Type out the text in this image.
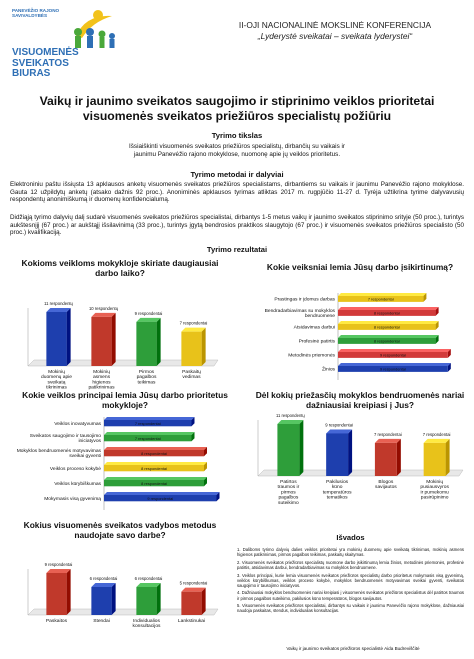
PANEVĖŽIO RAJONO SAVIVALDYBĖS
VISUOMENĖS
SVEIKATOS
BIURAS
II-OJI NACIONALINĖ MOKSLINĖ KONFERENCIJA
„Lyderystė sveikatai – sveikata lyderystei“
Vaikų ir jaunimo sveikatos saugojimo ir stiprinimo veiklos prioritetai
visuomenės sveikatos priežiūros specialistų požiūriu
Tyrimo tikslas
Išsiaiškinti visuomenės sveikatos priežiūros specialistų, dirbančių su vaikais ir jaunimu Panevėžio rajono mokyklose, nuomonę apie jų veiklos prioritetus.
Tyrimo metodai ir dalyviai
Elektroniniu paštu išsiųsta 13 apklausos anketų visuomenės sveikatos priežiūros specialistams, dirbantiems su vaikais ir jaunimu Panevėžio rajono mokyklose. Gauta 12 užpildytų anketų (atsako dažnis 92 proc.). Anoniminės apklausos tyrimas atliktas 2017 m. rugpjūčio 11-27 d. Tyrėja užtikrina tyrime dalyvavusių respondentų anonimiškumą ir duomenų konfidencialumą.
Didžiąją tyrimo dalyvių dalį sudarė visuomenės sveikatos priežiūros specialistai, dirbantys 1-5 metus vaikų ir jaunimo sveikatos stiprinimo srityje (50 proc.), turintys aukštesnįjį (67 proc.) ar aukštąjį išsilavinimą (33 proc.), turintys įgytą bendrosios praktikos slaugytojo (67 proc.) ir visuomenės sveikatos priežiūros specialisto (50 proc.) kvalifikaciją.
Tyrimo rezultatai
Kokioms veikloms mokykloje skiriate daugiausiai darbo laiko?
11 respondentų
Mokinių duomenų apie sveikatą tikrinimas
10 respondentų
Mokinių asmens higienos patikrinimas
9 respondentai
Pirmos pagalbos teikimas
7 respondentai
Paskaitų vedimas
Kokie veiksniai lemia Jūsų darbo įsikirtinumą?
7 respondentai
Prastingas ir įdomus darbas
8 respondentai
Bendradarbiavimas su mokyklos bendruomene
8 respondentai
Atsidavimas darbui
8 respondentai
Profesinė patirtis
9 respondentai
Metodinės priemonės
9 respondentai
Žinios
Kokie veiklos principai lemia Jūsų darbo prioritetus mokykloje?
7 respondentai
Veiklos inovatyvumas
7 respondentai
Sveikatos saugojimo ir tausojimo iniciatyvos
8 respondentai
Mokyklos bendruomenės motyvavimas sveikai gyventi
8 respondentai
Veiklos proceso kokybė
8 respondentai
Veiklos kūrybiškumas
9 respondentai
Mokymasis visą gyvenimą
Dėl kokių priežasčių mokyklos bendruomenės nariai dažniausiai kreipiasi į Jus?
11 respondentų
Patirtos traumos ir pirmos pagalbos suteikimo
9 respondentai
Pakilusios kūno temperatūros tematikos
7 respondentai
Blogos savijautos
7 respondentai
Mokinių pusiausvyros ir pumekomu pasirūpinimo
Kokius visuomenės sveikatos vadybos metodus naudojate savo darbe?
9 respondentai
Paskaitos
6 respondentai
Stendai
6 respondentai
Individualios konsultacijos
5 respondentai
Lankstinukai
Išvados

1. Daliboms tyrimo dalyvių dalies veiklos prioritetai yra mokinių duomenų apie sveikatą tikrinimas, mokinių asmens higienos patikrinimas, pirmos pagalbos teikimas, paskaitų skaitymas.

2. Visuomenės sveikatos priežiūros specialistų nuomone darbo įsikirtinumą lemia žinios, metodinės priemonės, profesinė patirtis, atsidavimas darbui, bendradarbiavimas su mokyklos bendruomene.

3. Veiklos principai, kurie lemia visuomenės sveikatos priežiūros specialistų darbo prioritetus mokymasis visą gyvenimą, veiklos kūrybiškumas, veiklos proceso kokybė, mokyklos bendruomenės motyvavimas sveikai gyventi, sveikatos saugojimo ir tausojimo iniciatyvos.

4. Dažniausiai mokyklos bendruomenės nariai kreipiasi į visuomenės sveikatos priežiūros specialistus dėl patirtos traumos ir pirmos pagalbos suteikimo, pakilusios kūno temperatūros, blogos savijautos.

5. Visuomenės sveikatos priežiūros specialistai, dirbantys su vaikais ir jaunimu Panevėžio rajono mokyklose, dažniausiai naudoja paskaitas, stendus, individualias konsultacijas.

Vaikų ir jaunimo sveikatos priežiūros specialistė Aida Budreviščitė
